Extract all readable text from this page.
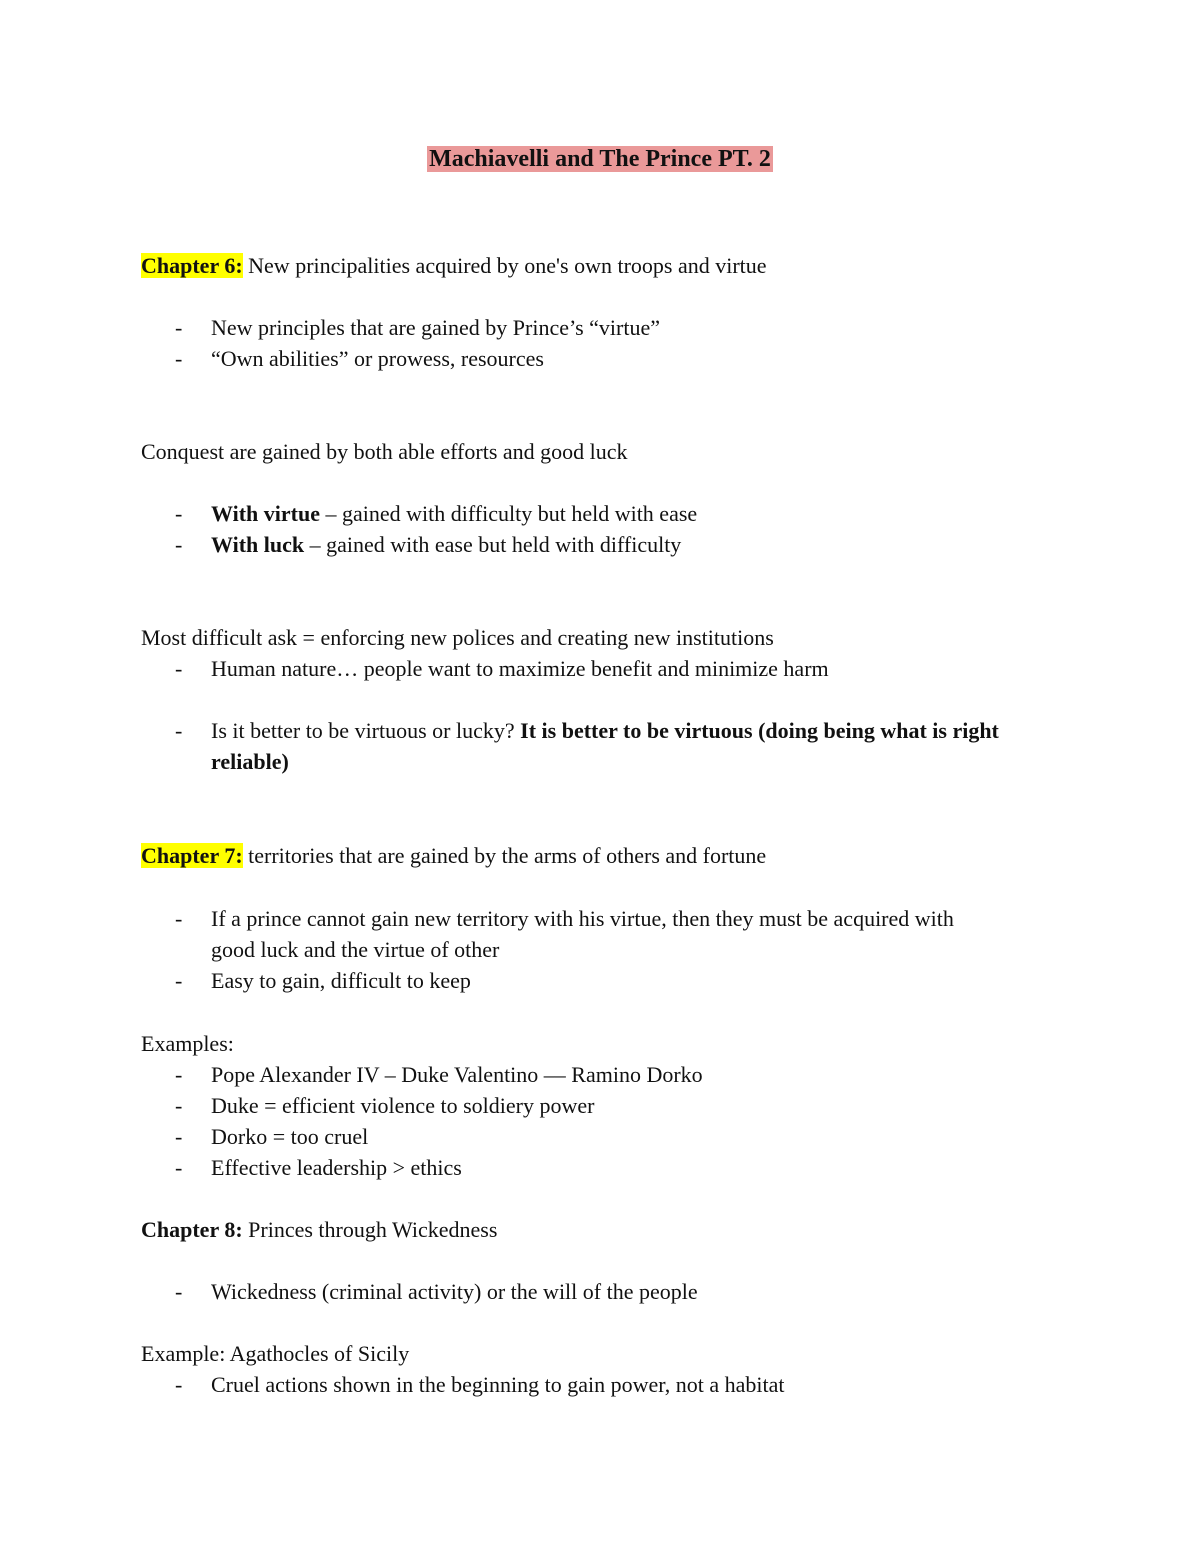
Machiavelli and The Prince PT. 2
Chapter 6: New principalities acquired by one's own troops and virtue
- New principles that are gained by Prince’s “virtue”
- “Own abilities” or prowess, resources
Conquest are gained by both able efforts and good luck
- With virtue – gained with difficulty but held with ease
- With luck – gained with ease but held with difficulty
Most difficult ask = enforcing new polices and creating new institutions
- Human nature… people want to maximize benefit and minimize harm
- Is it better to be virtuous or lucky? It is better to be virtuous (doing being what is right
reliable)
Chapter 7: territories that are gained by the arms of others and fortune
- If a prince cannot gain new territory with his virtue, then they must be acquired with
good luck and the virtue of other
- Easy to gain, difficult to keep
Examples:
- Pope Alexander IV – Duke Valentino –– Ramino Dorko
- Duke = efficient violence to soldiery power
- Dorko = too cruel
- Effective leadership > ethics
Chapter 8: Princes through Wickedness
- Wickedness (criminal activity) or the will of the people
Example: Agathocles of Sicily
- Cruel actions shown in the beginning to gain power, not a habitat
